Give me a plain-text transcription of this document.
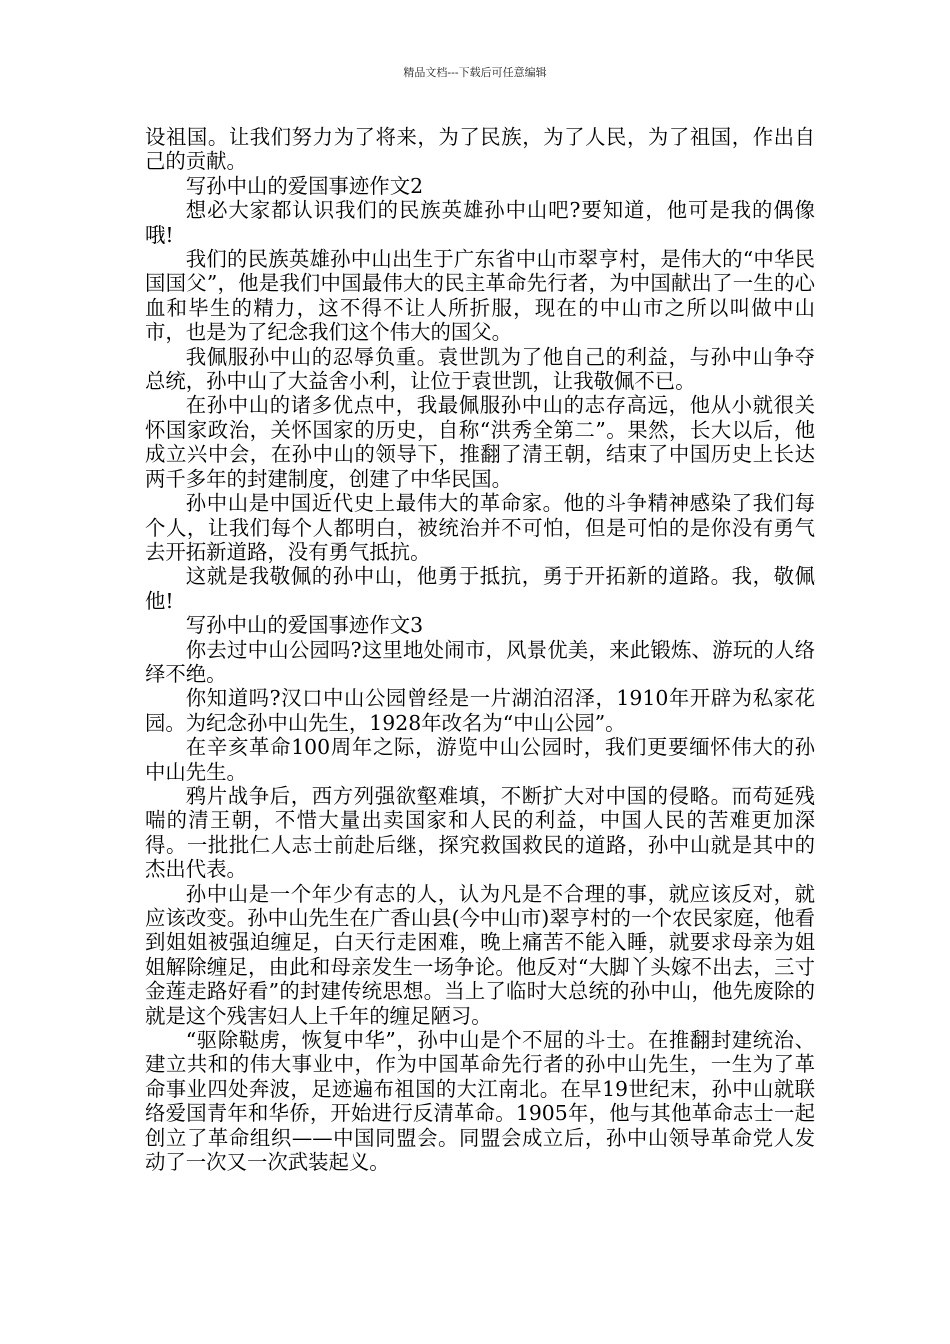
精品文档---下载后可任意编辑

设祖国。让我们努力为了将来，为了民族，为了人民，为了祖国，作出自己的贡献。

写孙中山的爱国事迹作文2

想必大家都认识我们的民族英雄孙中山吧?要知道，他可是我的偶像哦!

我们的民族英雄孙中山出生于广东省中山市翠亨村，是伟大的“中华民国国父”，他是我们中国最伟大的民主革命先行者，为中国献出了一生的心血和毕生的精力，这不得不让人所折服，现在的中山市之所以叫做中山市，也是为了纪念我们这个伟大的国父。

我佩服孙中山的忍辱负重。袁世凯为了他自己的利益，与孙中山争夺总统，孙中山了大益舍小利，让位于袁世凯，让我敬佩不已。

在孙中山的诸多优点中，我最佩服孙中山的志存高远，他从小就很关怀国家政治，关怀国家的历史，自称“洪秀全第二”。果然，长大以后，他成立兴中会，在孙中山的领导下，推翻了清王朝，结束了中国历史上长达两千多年的封建制度，创建了中华民国。

孙中山是中国近代史上最伟大的革命家。他的斗争精神感染了我们每个人，让我们每个人都明白，被统治并不可怕，但是可怕的是你没有勇气去开拓新道路，没有勇气抵抗。

这就是我敬佩的孙中山，他勇于抵抗，勇于开拓新的道路。我，敬佩他!

写孙中山的爱国事迹作文3

你去过中山公园吗?这里地处闹市，风景优美，来此锻炼、游玩的人络绎不绝。

你知道吗?汉口中山公园曾经是一片湖泊沼泽，1910年开辟为私家花园。为纪念孙中山先生，1928年改名为“中山公园”。

在辛亥革命100周年之际，游览中山公园时，我们更要缅怀伟大的孙中山先生。

鸦片战争后，西方列强欲壑难填，不断扩大对中国的侵略。而苟延残喘的清王朝，不惜大量出卖国家和人民的利益，中国人民的苦难更加深得。一批批仁人志士前赴后继，探究救国救民的道路，孙中山就是其中的杰出代表。

孙中山是一个年少有志的人，认为凡是不合理的事，就应该反对，就应该改变。孙中山先生在广香山县(今中山市)翠亨村的一个农民家庭，他看到姐姐被强迫缠足，白天行走困难，晚上痛苦不能入睡，就要求母亲为姐姐解除缠足，由此和母亲发生一场争论。他反对“大脚丫头嫁不出去，三寸金莲走路好看”的封建传统思想。当上了临时大总统的孙中山，他先废除的就是这个残害妇人上千年的缠足陋习。

“驱除鞑虏，恢复中华”，孙中山是个不屈的斗士。在推翻封建统治、建立共和的伟大事业中，作为中国革命先行者的孙中山先生，一生为了革命事业四处奔波，足迹遍布祖国的大江南北。在早19世纪末，孙中山就联络爱国青年和华侨，开始进行反清革命。1905年，他与其他革命志士一起创立了革命组织——中国同盟会。同盟会成立后，孙中山领导革命党人发动了一次又一次武装起义。
